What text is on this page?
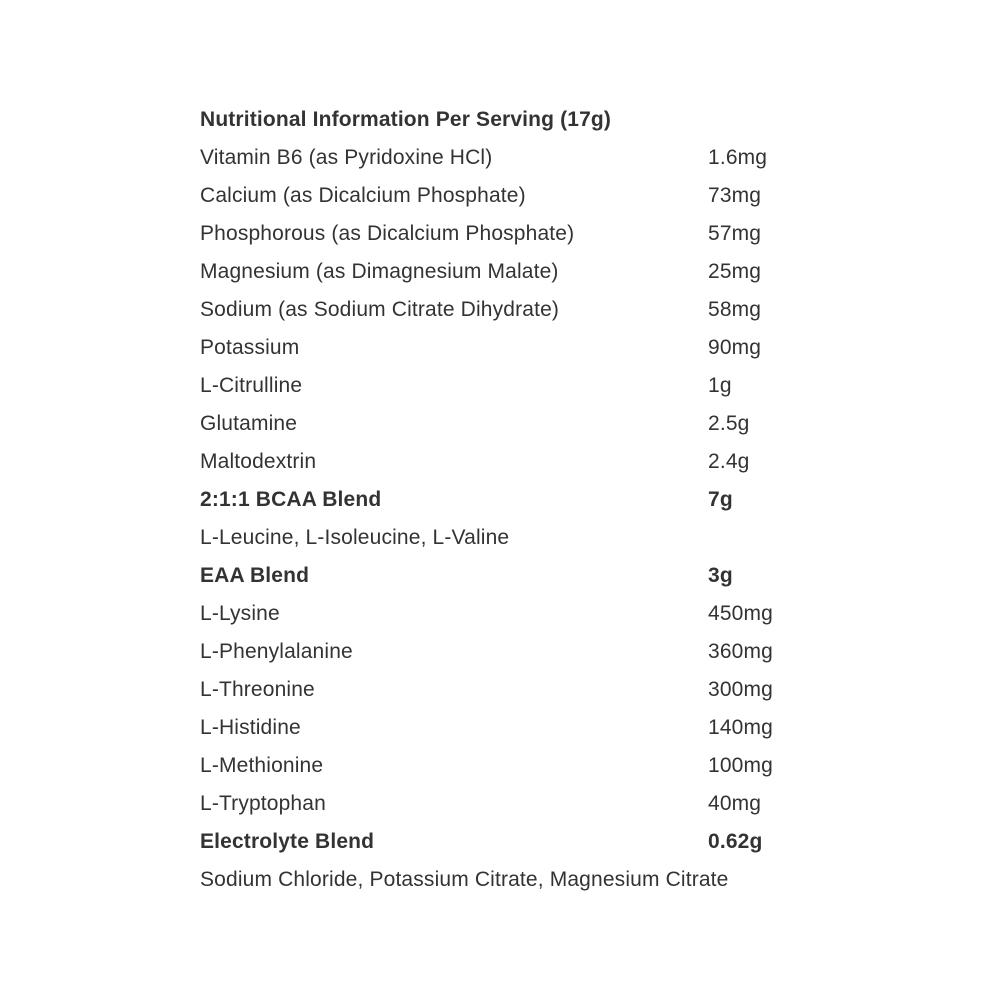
Nutritional Information Per Serving (17g)
Vitamin B6 (as Pyridoxine HCl)	1.6mg
Calcium (as Dicalcium Phosphate)	73mg
Phosphorous (as Dicalcium Phosphate)	57mg
Magnesium (as Dimagnesium Malate)	25mg
Sodium (as Sodium Citrate Dihydrate)	58mg
Potassium	90mg
L-Citrulline	1g
Glutamine	2.5g
Maltodextrin	2.4g
2:1:1 BCAA Blend	7g
L-Leucine, L-Isoleucine, L-Valine
EAA Blend	3g
L-Lysine	450mg
L-Phenylalanine	360mg
L-Threonine	300mg
L-Histidine	140mg
L-Methionine	100mg
L-Tryptophan	40mg
Electrolyte Blend	0.62g
Sodium Chloride, Potassium Citrate, Magnesium Citrate
